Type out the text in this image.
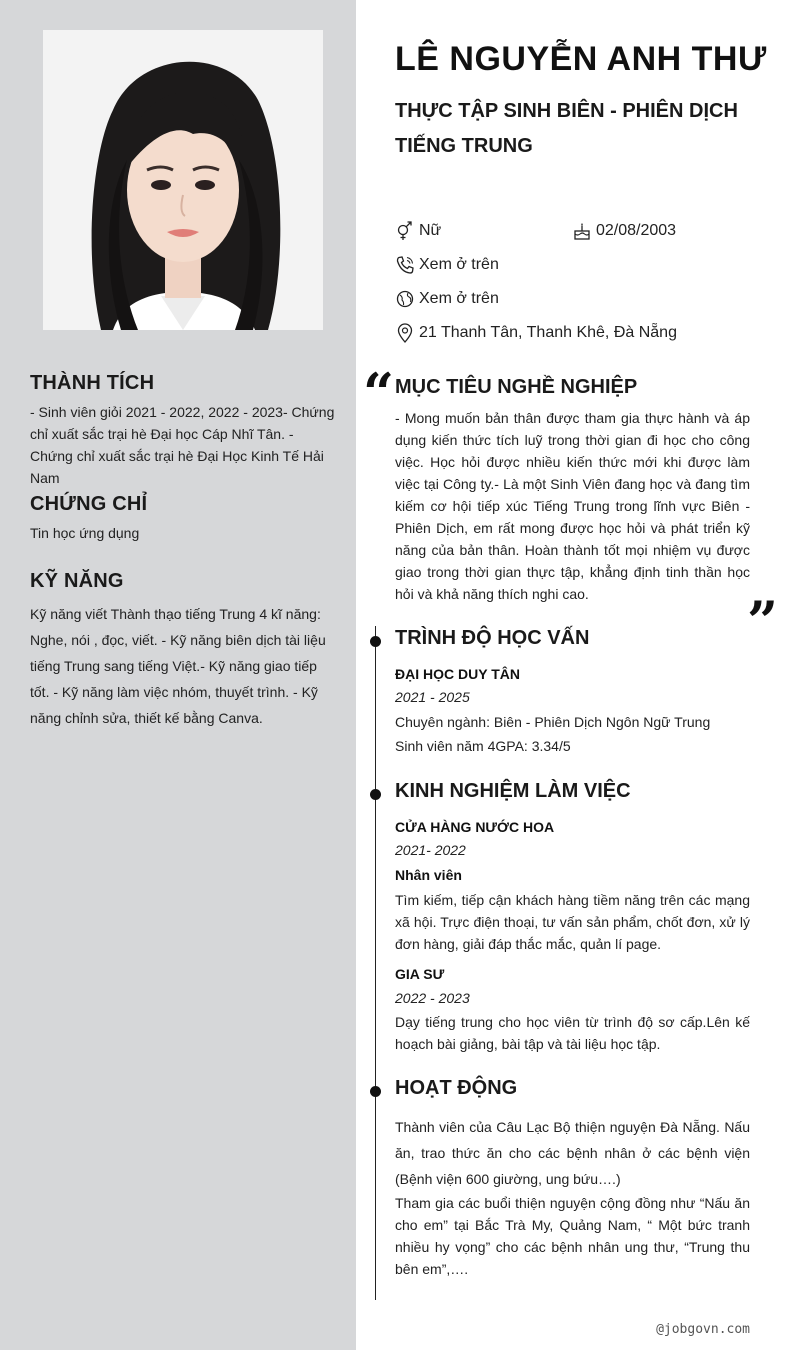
THÀNH TÍCH

- Sinh viên giỏi 2021 - 2022, 2022 - 2023- Chứng chỉ xuất sắc trại hè Đại học Cáp Nhĩ Tân. - Chứng chỉ xuất sắc trại hè Đại Học Kinh Tế Hải Nam

CHỨNG CHỈ

Tin học ứng dụng

KỸ NĂNG

Kỹ năng viết Thành thạo tiếng Trung 4 kĩ năng: Nghe, nói , đọc, viết. - Kỹ năng biên dịch tài liệu tiếng Trung sang tiếng Việt.- Kỹ năng giao tiếp tốt. - Kỹ năng làm việc nhóm, thuyết trình. - Kỹ năng chỉnh sửa, thiết kế bằng Canva.

LÊ NGUYỄN ANH THƯ
THỰC TẬP SINH BIÊN - PHIÊN DỊCH TIẾNG TRUNG
Nữ	02/08/2003
Xem ở trên
Xem ở trên
21 Thanh Tân, Thanh Khê, Đà Nẵng
“ MỤC TIÊU NGHỀ NGHIỆP

- Mong muốn bản thân được tham gia thực hành và áp dụng kiến thức tích luỹ trong thời gian đi học cho công việc. Học hỏi được nhiều kiến thức mới khi được làm việc tại Công ty.- Là một Sinh Viên đang học và đang tìm kiếm cơ hội tiếp xúc Tiếng Trung trong lĩnh vực Biên - Phiên Dịch, em rất mong được học hỏi và phát triển kỹ năng của bản thân. Hoàn thành tốt mọi nhiệm vụ được giao trong thời gian thực tập, khẳng định tinh thần học hỏi và khả năng thích nghi cao.	”
TRÌNH ĐỘ HỌC VẤN
ĐẠI HỌC DUY TÂN
2021 - 2025
Chuyên ngành: Biên - Phiên Dịch Ngôn Ngữ Trung
Sinh viên năm 4GPA: 3.34/5
KINH NGHIỆM LÀM VIỆC
CỬA HÀNG NƯỚC HOA
2021- 2022
Nhân viên

Tìm kiếm, tiếp cận khách hàng tiềm năng trên các mạng xã hội. Trực điện thoại, tư vấn sản phẩm, chốt đơn, xử lý đơn hàng, giải đáp thắc mắc, quản lí page.

GIA SƯ
2022 - 2023

Dạy tiếng trung cho học viên từ trình độ sơ cấp.Lên kế hoạch bài giảng, bài tập và tài liệu học tập.

HOẠT ĐỘNG

Thành viên của Câu Lạc Bộ thiện nguyện Đà Nẵng. Nấu ăn, trao thức ăn cho các bệnh nhân ở các bệnh viện (Bệnh viện 600 giường, ung bứu….)

Tham gia các buổi thiện nguyện cộng đồng như “Nấu ăn cho em” tại Bắc Trà My, Quảng Nam, “ Một bức tranh nhiều hy vọng” cho các bệnh nhân ung thư, “Trung thu bên em”,….

@jobgovn.com
